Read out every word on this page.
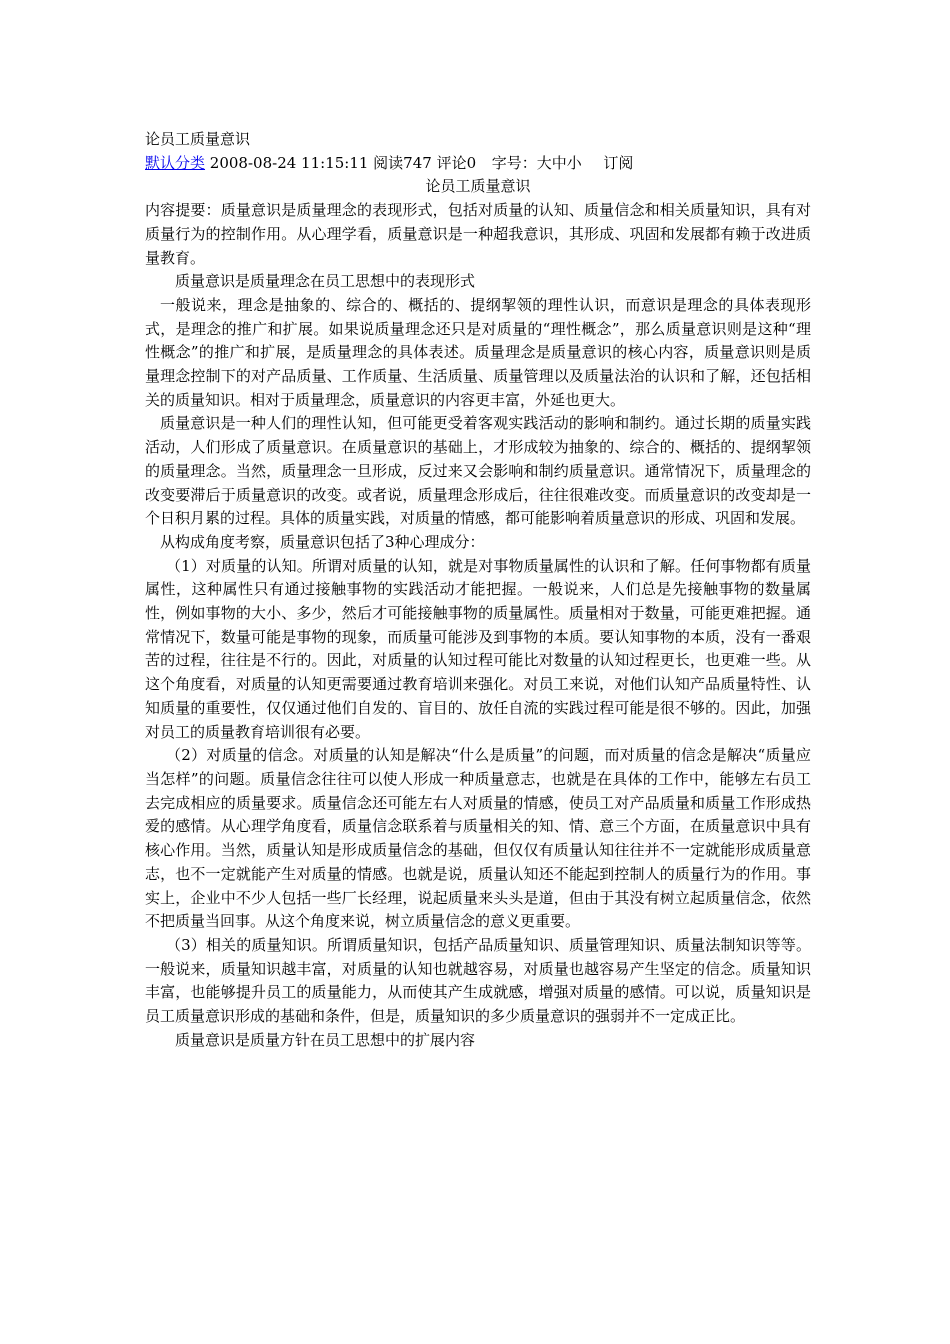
论员工质量意识
默认分类 2008-08-24 11:15:11 阅读747 评论0 字号：大中小 订阅
论员工质量意识

内容提要：质量意识是质量理念的表现形式，包括对质量的认知、质量信念和相关质量知识，具有对质量行为的控制作用。从心理学看，质量意识是一种超我意识，其形成、巩固和发展都有赖于改进质量教育。

质量意识是质量理念在员工思想中的表现形式

一般说来，理念是抽象的、综合的、概括的、提纲挈领的理性认识，而意识是理念的具体表现形式，是理念的推广和扩展。如果说质量理念还只是对质量的“理性概念”，那么质量意识则是这种“理性概念”的推广和扩展，是质量理念的具体表述。质量理念是质量意识的核心内容，质量意识则是质量理念控制下的对产品质量、工作质量、生活质量、质量管理以及质量法治的认识和了解，还包括相关的质量知识。相对于质量理念，质量意识的内容更丰富，外延也更大。

质量意识是一种人们的理性认知，但可能更受着客观实践活动的影响和制约。通过长期的质量实践活动，人们形成了质量意识。在质量意识的基础上，才形成较为抽象的、综合的、概括的、提纲挈领的质量理念。当然，质量理念一旦形成，反过来又会影响和制约质量意识。通常情况下，质量理念的改变要滞后于质量意识的改变。或者说，质量理念形成后，往往很难改变。而质量意识的改变却是一个日积月累的过程。具体的质量实践，对质量的情感，都可能影响着质量意识的形成、巩固和发展。

从构成角度考察，质量意识包括了3种心理成分：

（1）对质量的认知。所谓对质量的认知，就是对事物质量属性的认识和了解。任何事物都有质量属性，这种属性只有通过接触事物的实践活动才能把握。一般说来，人们总是先接触事物的数量属性，例如事物的大小、多少，然后才可能接触事物的质量属性。质量相对于数量，可能更难把握。通常情况下，数量可能是事物的现象，而质量可能涉及到事物的本质。要认知事物的本质，没有一番艰苦的过程，往往是不行的。因此，对质量的认知过程可能比对数量的认知过程更长，也更难一些。从这个角度看，对质量的认知更需要通过教育培训来强化。对员工来说，对他们认知产品质量特性、认知质量的重要性，仅仅通过他们自发的、盲目的、放任自流的实践过程可能是很不够的。因此，加强对员工的质量教育培训很有必要。

（2）对质量的信念。对质量的认知是解决“什么是质量”的问题，而对质量的信念是解决“质量应当怎样”的问题。质量信念往往可以使人形成一种质量意志，也就是在具体的工作中，能够左右员工去完成相应的质量要求。质量信念还可能左右人对质量的情感，使员工对产品质量和质量工作形成热爱的感情。从心理学角度看，质量信念联系着与质量相关的知、情、意三个方面，在质量意识中具有核心作用。当然，质量认知是形成质量信念的基础，但仅仅有质量认知往往并不一定就能形成质量意志，也不一定就能产生对质量的情感。也就是说，质量认知还不能起到控制人的质量行为的作用。事实上，企业中不少人包括一些厂长经理，说起质量来头头是道，但由于其没有树立起质量信念，依然不把质量当回事。从这个角度来说，树立质量信念的意义更重要。

（3）相关的质量知识。所谓质量知识，包括产品质量知识、质量管理知识、质量法制知识等等。一般说来，质量知识越丰富，对质量的认知也就越容易，对质量也越容易产生坚定的信念。质量知识丰富，也能够提升员工的质量能力，从而使其产生成就感，增强对质量的感情。可以说，质量知识是员工质量意识形成的基础和条件，但是，质量知识的多少质量意识的强弱并不一定成正比。

质量意识是质量方针在员工思想中的扩展内容
